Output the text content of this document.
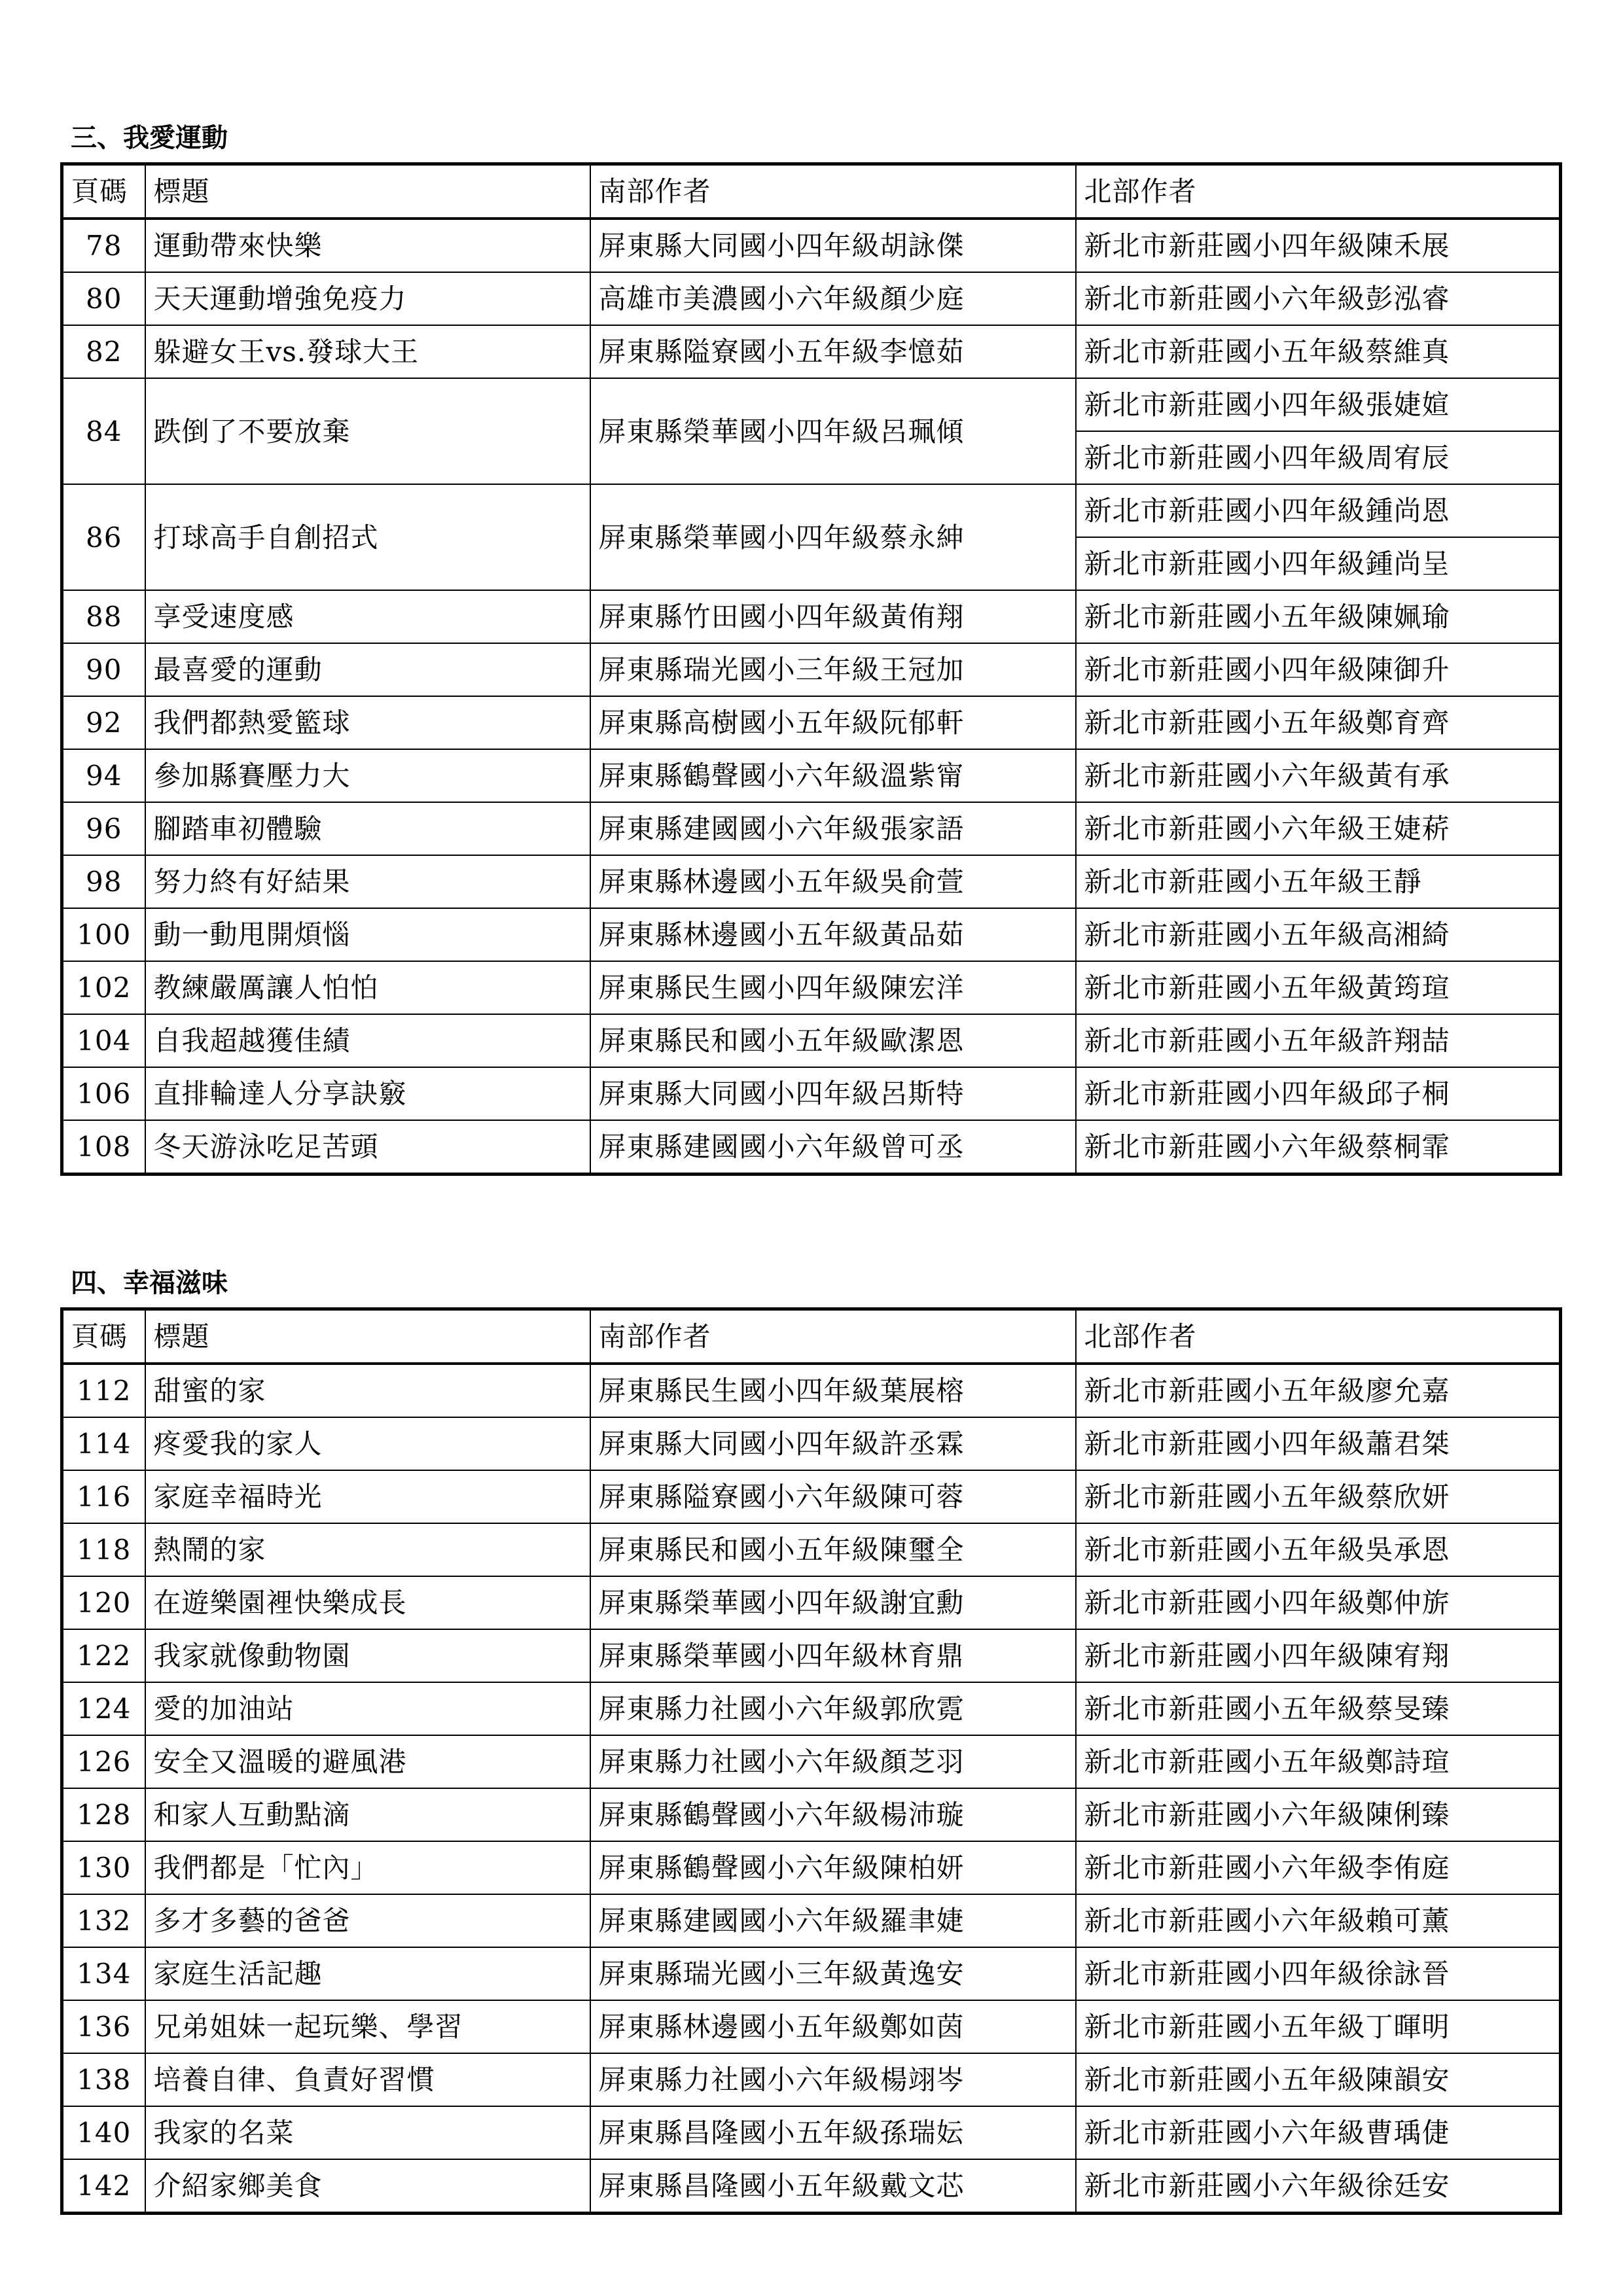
三、我愛運動
頁碼	標題	南部作者	北部作者
78	運動帶來快樂	屏東縣大同國小四年級胡詠傑	新北市新莊國小四年級陳禾展
80	天天運動增強免疫力	高雄市美濃國小六年級顏少庭	新北市新莊國小六年級彭泓睿
82	躲避女王vs.發球大王	屏東縣隘寮國小五年級李憶茹	新北市新莊國小五年級蔡維真
84	跌倒了不要放棄	屏東縣榮華國小四年級呂珮傾	新北市新莊國小四年級張婕媗
			新北市新莊國小四年級周宥辰
86	打球高手自創招式	屏東縣榮華國小四年級蔡永紳	新北市新莊國小四年級鍾尚恩
			新北市新莊國小四年級鍾尚呈
88	享受速度感	屏東縣竹田國小四年級黃侑翔	新北市新莊國小五年級陳姵瑜
90	最喜愛的運動	屏東縣瑞光國小三年級王冠加	新北市新莊國小四年級陳御升
92	我們都熱愛籃球	屏東縣高樹國小五年級阮郁軒	新北市新莊國小五年級鄭育齊
94	參加縣賽壓力大	屏東縣鶴聲國小六年級溫紫甯	新北市新莊國小六年級黃有承
96	腳踏車初體驗	屏東縣建國國小六年級張家語	新北市新莊國小六年級王婕菥
98	努力終有好結果	屏東縣林邊國小五年級吳俞萱	新北市新莊國小五年級王靜
100	動一動甩開煩惱	屏東縣林邊國小五年級黃品茹	新北市新莊國小五年級高湘綺
102	教練嚴厲讓人怕怕	屏東縣民生國小四年級陳宏洋	新北市新莊國小五年級黃筠瑄
104	自我超越獲佳績	屏東縣民和國小五年級歐潔恩	新北市新莊國小五年級許翔喆
106	直排輪達人分享訣竅	屏東縣大同國小四年級呂斯特	新北市新莊國小四年級邱子桐
108	冬天游泳吃足苦頭	屏東縣建國國小六年級曾可丞	新北市新莊國小六年級蔡桐霏
四、幸福滋味
頁碼	標題	南部作者	北部作者
112	甜蜜的家	屏東縣民生國小四年級葉展榕	新北市新莊國小五年級廖允嘉
114	疼愛我的家人	屏東縣大同國小四年級許丞霖	新北市新莊國小四年級蕭君桀
116	家庭幸福時光	屏東縣隘寮國小六年級陳可蓉	新北市新莊國小五年級蔡欣妍
118	熱鬧的家	屏東縣民和國小五年級陳璽全	新北市新莊國小五年級吳承恩
120	在遊樂園裡快樂成長	屏東縣榮華國小四年級謝宜勳	新北市新莊國小四年級鄭仲旂
122	我家就像動物園	屏東縣榮華國小四年級林育鼎	新北市新莊國小四年級陳宥翔
124	愛的加油站	屏東縣力社國小六年級郭欣霓	新北市新莊國小五年級蔡旻臻
126	安全又溫暖的避風港	屏東縣力社國小六年級顏芝羽	新北市新莊國小五年級鄭詩瑄
128	和家人互動點滴	屏東縣鶴聲國小六年級楊沛璇	新北市新莊國小六年級陳俐臻
130	我們都是「忙內」	屏東縣鶴聲國小六年級陳柏妍	新北市新莊國小六年級李侑庭
132	多才多藝的爸爸	屏東縣建國國小六年級羅聿婕	新北市新莊國小六年級賴可薰
134	家庭生活記趣	屏東縣瑞光國小三年級黃逸安	新北市新莊國小四年級徐詠晉
136	兄弟姐妹一起玩樂、學習	屏東縣林邊國小五年級鄭如茵	新北市新莊國小五年級丁暉明
138	培養自律、負責好習慣	屏東縣力社國小六年級楊翊岑	新北市新莊國小五年級陳韻安
140	我家的名菜	屏東縣昌隆國小五年級孫瑞妘	新北市新莊國小六年級曹瑀倢
142	介紹家鄉美食	屏東縣昌隆國小五年級戴文芯	新北市新莊國小六年級徐廷安
